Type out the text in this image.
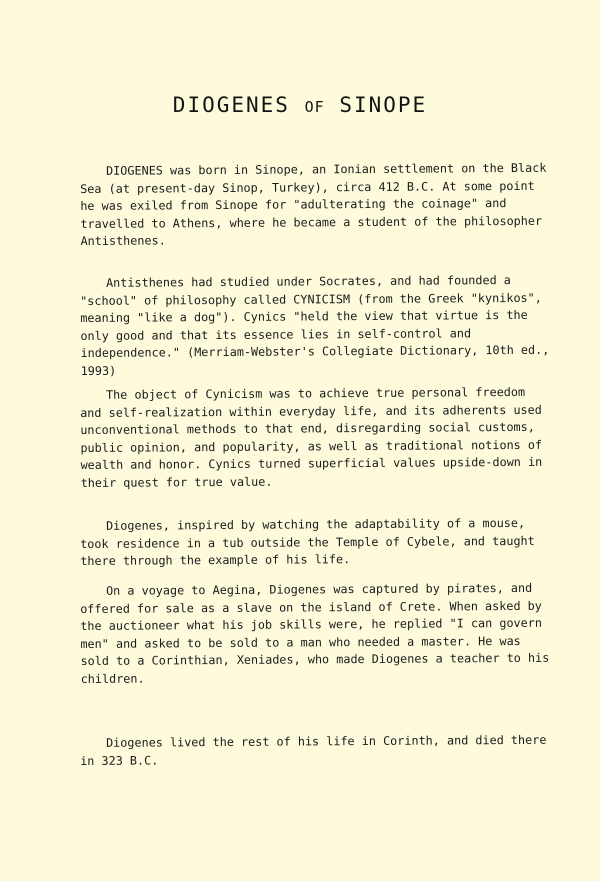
DIOGENES OF SINOPE

DIOGENES was born in Sinope, an Ionian settlement on the Black Sea (at present-day Sinop, Turkey), circa 412 B.C. At some point he was exiled from Sinope for "adulterating the coinage" and travelled to Athens, where he became a student of the philosopher Antisthenes.

Antisthenes had studied under Socrates, and had founded a "school" of philosophy called CYNICISM (from the Greek "kynikos", meaning "like a dog"). Cynics "held the view that virtue is the only good and that its essence lies in self-control and independence." (Merriam-Webster's Collegiate Dictionary, 10th ed., 1993)

The object of Cynicism was to achieve true personal freedom and self-realization within everyday life, and its adherents used unconventional methods to that end, disregarding social customs, public opinion, and popularity, as well as traditional notions of wealth and honor. Cynics turned superficial values upside-down in their quest for true value.

Diogenes, inspired by watching the adaptability of a mouse, took residence in a tub outside the Temple of Cybele, and taught there through the example of his life.

On a voyage to Aegina, Diogenes was captured by pirates, and offered for sale as a slave on the island of Crete. When asked by the auctioneer what his job skills were, he replied "I can govern men" and asked to be sold to a man who needed a master. He was sold to a Corinthian, Xeniades, who made Diogenes a teacher to his children.

Diogenes lived the rest of his life in Corinth, and died there in 323 B.C.
